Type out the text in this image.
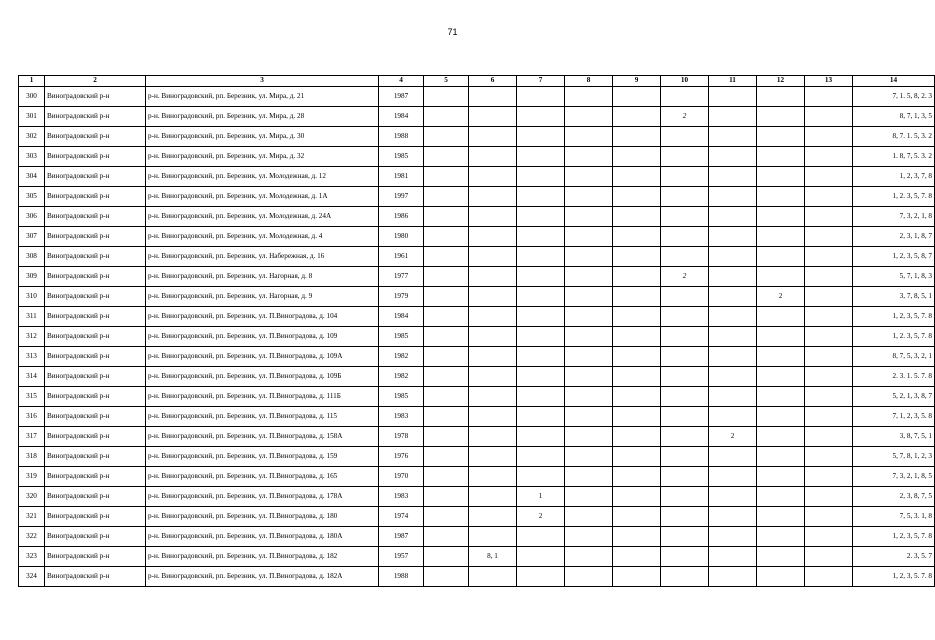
71
1	2	3	4	5	6	7	8	9	10	11	12	13	14
300	Виноградовский р-н	р-н. Виноградовский, рп. Березник, ул. Мира, д. 21	1987										7, 1. 5, 8, 2. 3
301	Виноградовский р-н	р-н. Виноградовский, рп. Березник, ул. Мира, д. 28	1984						2				8, 7, 1, 3, 5
302	Виноградовский р-н	р-н. Виноградовский, рп. Березник, ул. Мира, д. 30	1988										8, 7. 1. 5, 3. 2
303	Виноградовский р-н	р-н. Виноградовский, рп. Березник, ул. Мира, д. 32	1985										1. 8, 7, 5. 3. 2
304	Виноградовский р-н	р-н. Виноградовский, рп. Березник, ул. Молодежная, д. 12	1981										1, 2, 3, 7, 8
305	Виноградовский р-н	р-н. Виноградовский, рп. Березник, ул. Молодежная, д. 1А	1997										1, 2. 3, 5, 7. 8
306	Виноградовский р-н	р-н. Виноградовский, рп. Березник, ул. Молодежная, д. 24А	1986										7, 3, 2, 1, 8
307	Виноградовский р-н	р-н. Виноградовский, рп. Березник, ул. Молодежная, д. 4	1980										2, 3, 1, 8, 7
308	Виноградовский р-н	р-н. Виноградовский, рп. Березник, ул. Набережная, д. 16	1961										1, 2, 3, 5, 8, 7
309	Виноградовский р-н	р-н. Виноградовский, рп. Березник, ул. Нагорная, д. 8	1977						2				5, 7, 1, 8, 3
310	Виноградовский р-н	р-н. Виноградовский, рп. Березник, ул. Нагорная, д. 9	1979								2		3, 7, 8, 5, 1
311	Виноградовский р-н	р-н. Виноградовский, рп. Березник, ул. П.Виноградова, д. 104	1984										1, 2, 3, 5, 7. 8
312	Виноградовский р-н	р-н. Виноградовский, рп. Березник, ул. П.Виноградова, д. 109	1985										1, 2. 3, 5, 7. 8
313	Виноградовский р-н	р-н. Виноградовский, рп. Березник, ул. П.Виноградова, д. 109А	1982										8, 7, 5, 3, 2, 1
314	Виноградовский р-н	р-н. Виноградовский, рп. Березник, ул. П.Виноградова, д. 109Б	1982										2. 3. 1. 5. 7. 8
315	Виноградовский р-н	р-н. Виноградовский, рп. Березник, ул. П.Виноградова, д. 111Б	1985										5, 2, 1, 3, 8, 7
316	Виноградовский р-н	р-н. Виноградовский, рп. Березник, ул. П.Виноградова, д. 115	1983										7, 1, 2, 3, 5. 8
317	Виноградовский р-н	р-н. Виноградовский, рп. Березник, ул. П.Виноградова, д. 158А	1978							2			3, 8, 7, 5, 1
318	Виноградовский р-н	р-н. Виноградовский, рп. Березник, ул. П.Виноградова, д. 159	1976										5, 7, 8, 1, 2, 3
319	Виноградовский р-н	р-н. Виноградовский, рп. Березник, ул. П.Виноградова, д. 165	1970										7, 3, 2, 1, 8, 5
320	Виноградовский р-н	р-н. Виноградовский, рп. Березник, ул. П.Виноградова, д. 178А	1983			1							2, 3, 8, 7, 5
321	Виноградовский р-н	р-н. Виноградовский, рп. Березник, ул. П.Виноградова, д. 180	1974			2							7, 5, 3. 1, 8
322	Виноградовский р-н	р-н. Виноградовский, рп. Березник, ул. П.Виноградова, д. 180А	1987										1, 2, 3, 5, 7. 8
323	Виноградовский р-н	р-н. Виноградовский, рп. Березник, ул. П.Виноградова, д. 182	1957		8, 1								2. 3, 5. 7
324	Виноградовский р-н	р-н. Виноградовский, рп. Березник, ул. П.Виноградова, д. 182А	1988										1, 2, 3, 5. 7. 8
